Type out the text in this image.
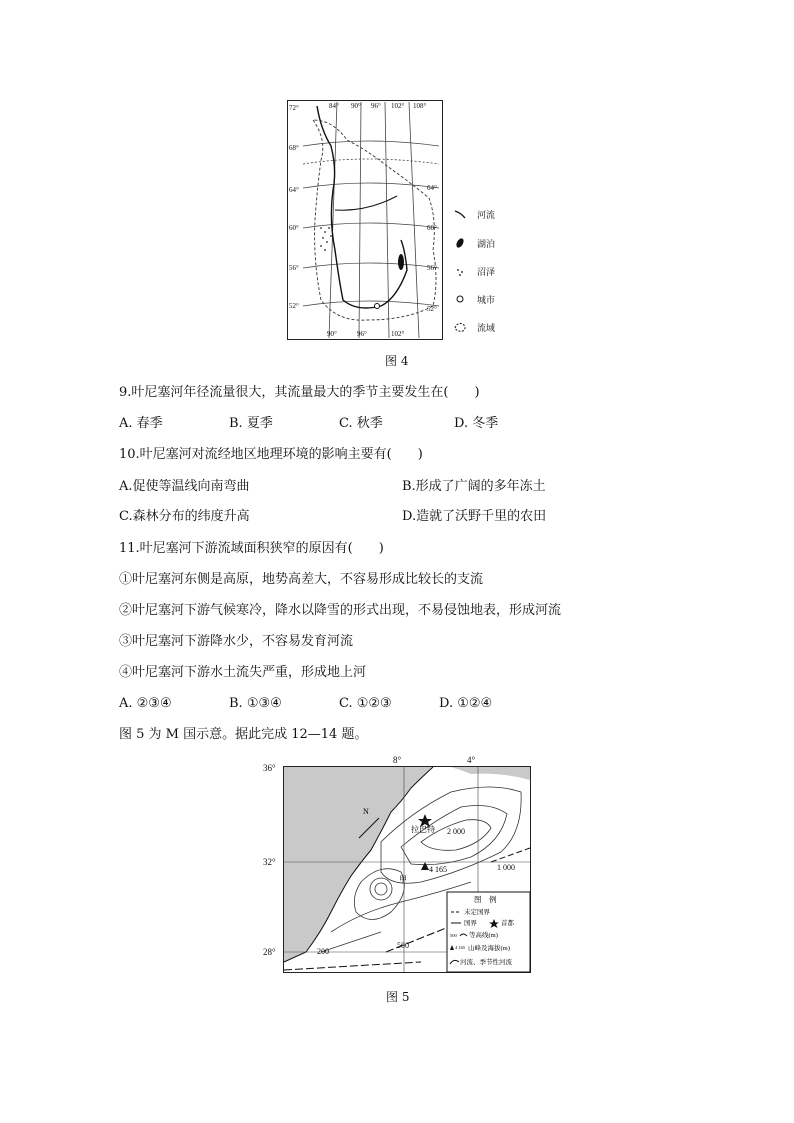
72°
68°
64°
60°
56°
52°
64°
60°
56°
52°
84° 90° 96° 102° 108°
90°	96°	102°
河流
湖泊
沼泽
城市
流域
图 4
9.叶尼塞河年径流量很大，其流量最大的季节主要发生在(　　)
A. 春季	B. 夏季	C. 秋季	D. 冬季
10.叶尼塞河对流经地区地理环境的影响主要有(　　)
A.促使等温线向南弯曲	B.形成了广阔的多年冻土
C.森林分布的纬度升高	D.造就了沃野千里的农田
11.叶尼塞河下游流域面积狭窄的原因有(　　)
①叶尼塞河东侧是高原，地势高差大，不容易形成比较长的支流
②叶尼塞河下游气候寒冷，降水以降雪的形式出现，不易侵蚀地表，形成河流
③叶尼塞河下游降水少，不容易发育河流
④叶尼塞河下游水土流失严重，形成地上河
A. ②③④	B. ①③④	C. ①②③	D. ①②④
图 5 为 M 国示意。据此完成 12—14 题。
N
拉巴特
4 165
甲
2 000
1 000
500
200
36°
32°
28°
8°	4°
图　例
未定国界
国界	首都
500 等高线(m)
4 165 山峰及海拔(m)
河流、季节性河流
图 5
